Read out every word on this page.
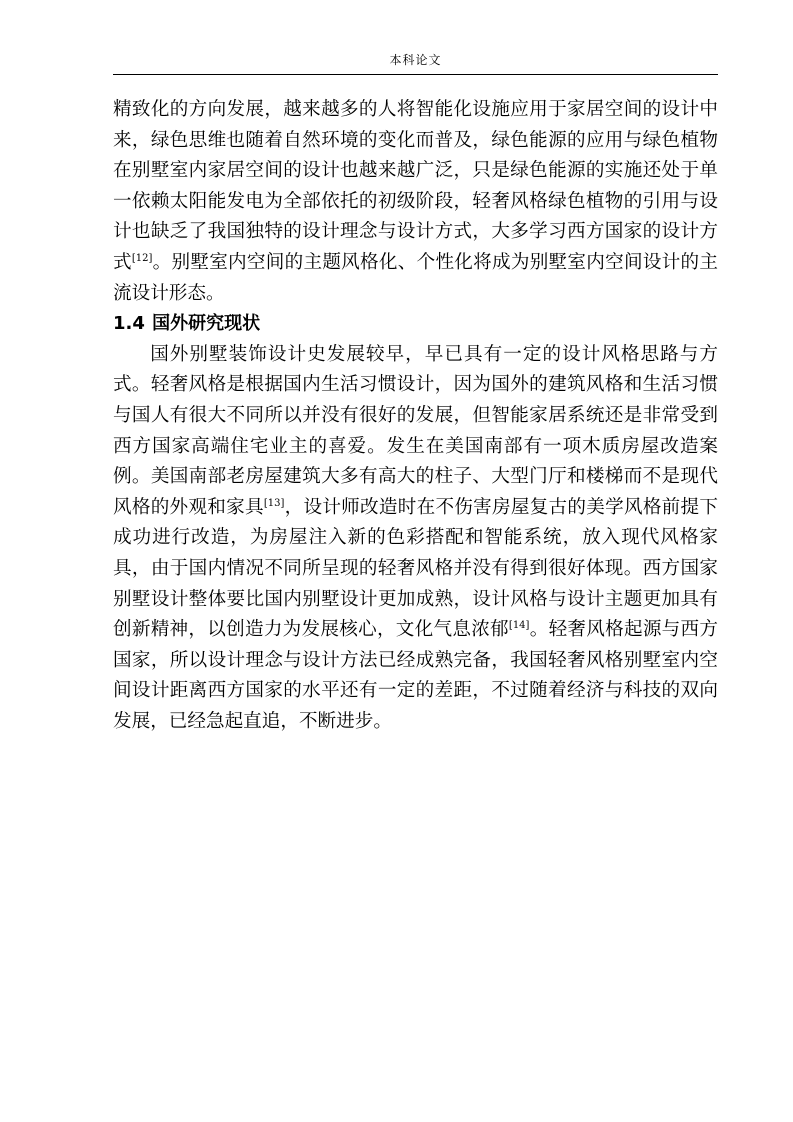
本科论文

精致化的方向发展，越来越多的人将智能化设施应用于家居空间的设计中来，绿色思维也随着自然环境的变化而普及，绿色能源的应用与绿色植物在别墅室内家居空间的设计也越来越广泛，只是绿色能源的实施还处于单一依赖太阳能发电为全部依托的初级阶段，轻奢风格绿色植物的引用与设计也缺乏了我国独特的设计理念与设计方式，大多学习西方国家的设计方式[12]。别墅室内空间的主题风格化、个性化将成为别墅室内空间设计的主流设计形态。

1.4 国外研究现状

国外别墅装饰设计史发展较早，早已具有一定的设计风格思路与方式。轻奢风格是根据国内生活习惯设计，因为国外的建筑风格和生活习惯与国人有很大不同所以并没有很好的发展，但智能家居系统还是非常受到西方国家高端住宅业主的喜爱。发生在美国南部有一项木质房屋改造案例。美国南部老房屋建筑大多有高大的柱子、大型门厅和楼梯而不是现代风格的外观和家具[13]，设计师改造时在不伤害房屋复古的美学风格前提下成功进行改造，为房屋注入新的色彩搭配和智能系统，放入现代风格家具，由于国内情况不同所呈现的轻奢风格并没有得到很好体现。西方国家别墅设计整体要比国内别墅设计更加成熟，设计风格与设计主题更加具有创新精神，以创造力为发展核心，文化气息浓郁[14]。轻奢风格起源与西方国家，所以设计理念与设计方法已经成熟完备，我国轻奢风格别墅室内空间设计距离西方国家的水平还有一定的差距，不过随着经济与科技的双向发展，已经急起直追，不断进步。
